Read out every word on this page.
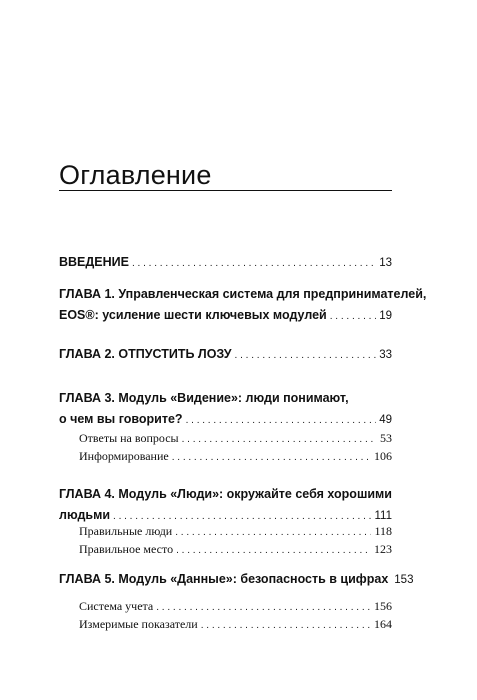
Оглавление
ВВЕДЕНИЕ . . .	13
ГЛАВА 1. Управленческая система для предпринимателей,
EOS®: усиление шести ключевых модулей . . .	19
ГЛАВА 2. ОТПУСТИТЬ ЛОЗУ . . .	33
ГЛАВА 3. Модуль «Видение»: люди понимают,
о чем вы говорите? . . .	49
Ответы на вопросы . . .	53
Информирование . . .	106
ГЛАВА 4. Модуль «Люди»: окружайте себя хорошими
людьми . . .	111
Правильные люди . . .	118
Правильное место . . .	123
ГЛАВА 5. Модуль «Данные»: безопасность в цифрах 153
Система учета . . .	156
Измеримые показатели . . .	164
